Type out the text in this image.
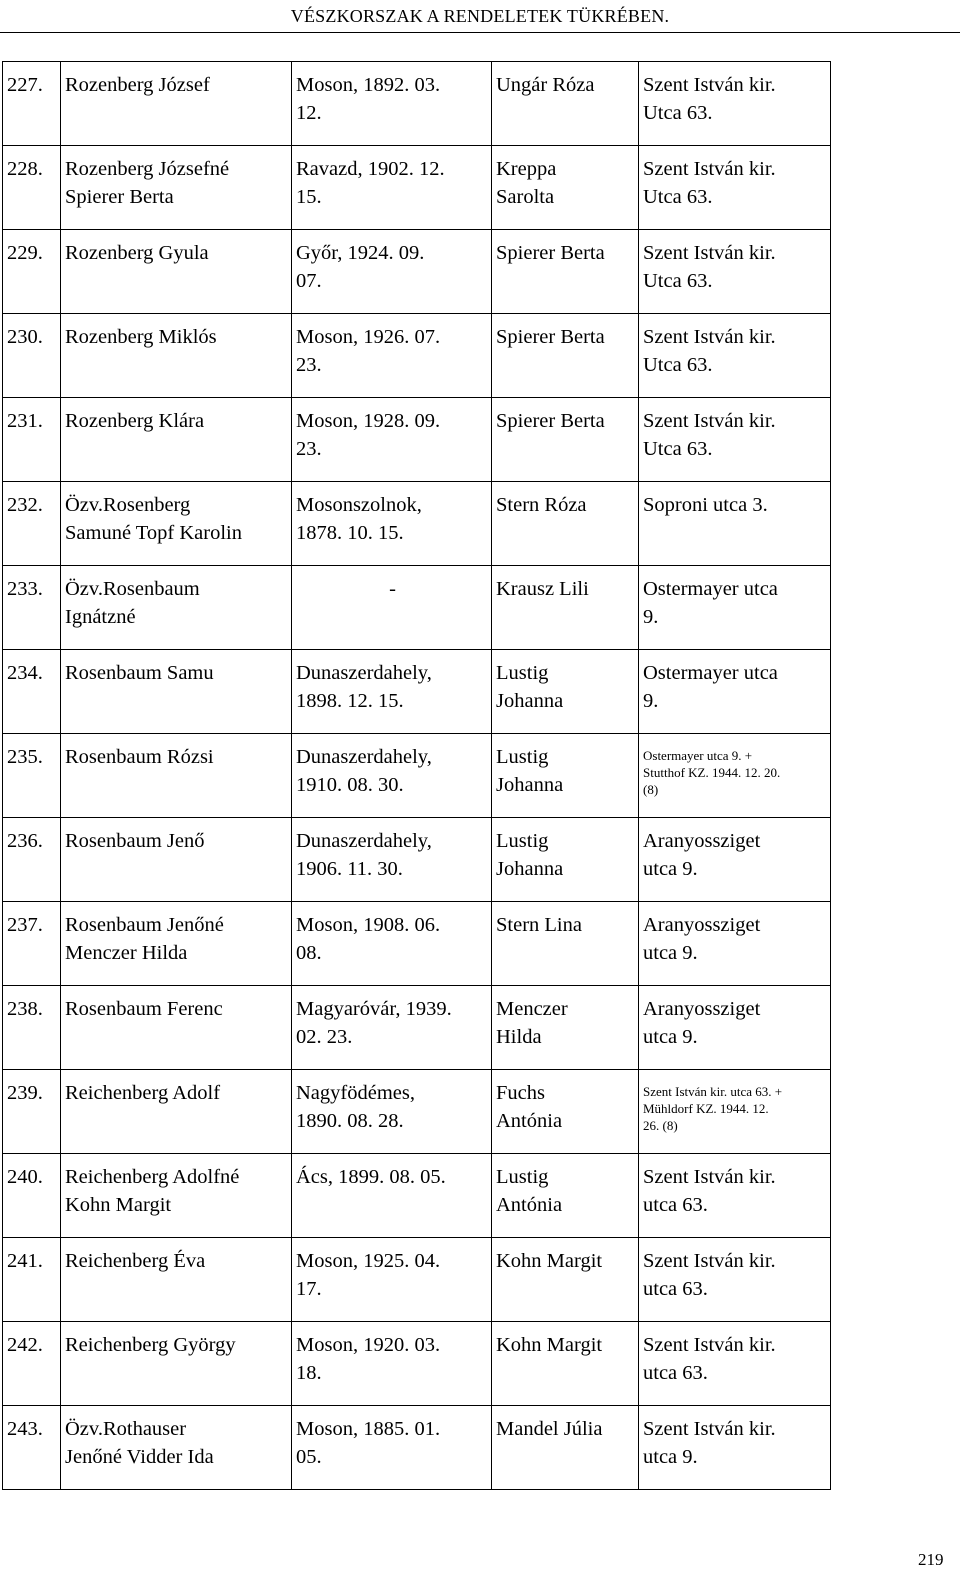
VÉSZKORSZAK A RENDELETEK TÜKRÉBEN.
227.	Rozenberg József	Moson, 1892. 03.
12.	Ungár Róza	Szent István kir.
Utca 63.
228.	Rozenberg Józsefné
Spierer Berta	Ravazd, 1902. 12.
15.	Kreppa
Sarolta	Szent István kir.
Utca 63.
229.	Rozenberg Gyula	Győr, 1924. 09.
07.	Spierer Berta	Szent István kir.
Utca 63.
230.	Rozenberg Miklós	Moson, 1926. 07.
23.	Spierer Berta	Szent István kir.
Utca 63.
231.	Rozenberg Klára	Moson, 1928. 09.
23.	Spierer Berta	Szent István kir.
Utca 63.
232.	Özv.Rosenberg
Samuné Topf Karolin	Mosonszolnok,
1878. 10. 15.	Stern Róza	Soproni utca 3.
233.	Özv.Rosenbaum
Ignátzné	-	Krausz Lili	Ostermayer utca
9.
234.	Rosenbaum Samu	Dunaszerdahely,
1898. 12. 15.	Lustig
Johanna	Ostermayer utca
9.
235.	Rosenbaum Rózsi	Dunaszerdahely,
1910. 08. 30.	Lustig
Johanna	Ostermayer utca 9. +
Stutthof KZ. 1944. 12. 20.
(8)
236.	Rosenbaum Jenő	Dunaszerdahely,
1906. 11. 30.	Lustig
Johanna	Aranyossziget
utca 9.
237.	Rosenbaum Jenőné
Menczer Hilda	Moson, 1908. 06.
08.	Stern Lina	Aranyossziget
utca 9.
238.	Rosenbaum Ferenc	Magyaróvár, 1939.
02. 23.	Menczer
Hilda	Aranyossziget
utca 9.
239.	Reichenberg Adolf	Nagyfödémes,
1890. 08. 28.	Fuchs
Antónia	Szent István kir. utca 63. +
Mühldorf KZ. 1944. 12.
26. (8)
240.	Reichenberg Adolfné
Kohn Margit	Ács, 1899. 08. 05.	Lustig
Antónia	Szent István kir.
utca 63.
241.	Reichenberg Éva	Moson, 1925. 04.
17.	Kohn Margit	Szent István kir.
utca 63.
242.	Reichenberg György	Moson, 1920. 03.
18.	Kohn Margit	Szent István kir.
utca 63.
243.	Özv.Rothauser
Jenőné Vidder Ida	Moson, 1885. 01.
05.	Mandel Júlia	Szent István kir.
utca 9.
219
